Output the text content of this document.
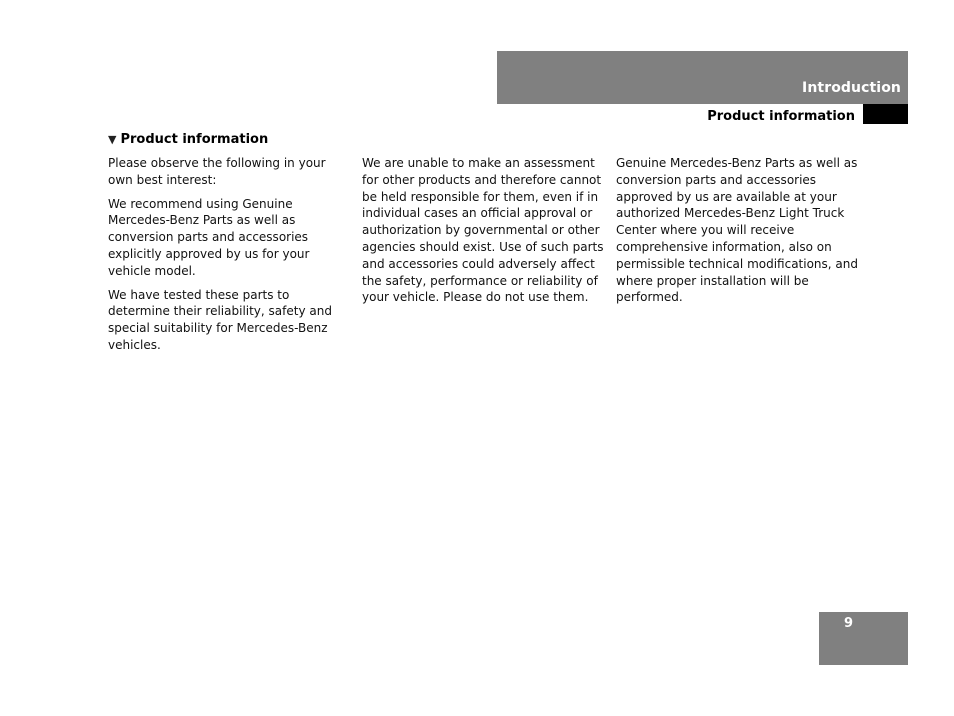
Introduction
Product information
▼ Product information

Please observe the following in your own best interest:

We recommend using Genuine Mercedes-Benz Parts as well as conversion parts and accessories explicitly approved by us for your vehicle model.

We have tested these parts to determine their reliability, safety and special suitability for Mercedes-Benz vehicles.

We are unable to make an assessment for other products and therefore cannot be held responsible for them, even if in individual cases an official approval or authorization by governmental or other agencies should exist. Use of such parts and accessories could adversely affect the safety, performance or reliability of your vehicle. Please do not use them.

Genuine Mercedes-Benz Parts as well as conversion parts and accessories approved by us are available at your authorized Mercedes-Benz Light Truck Center where you will receive comprehensive information, also on permissible technical modifications, and where proper installation will be performed.

9
